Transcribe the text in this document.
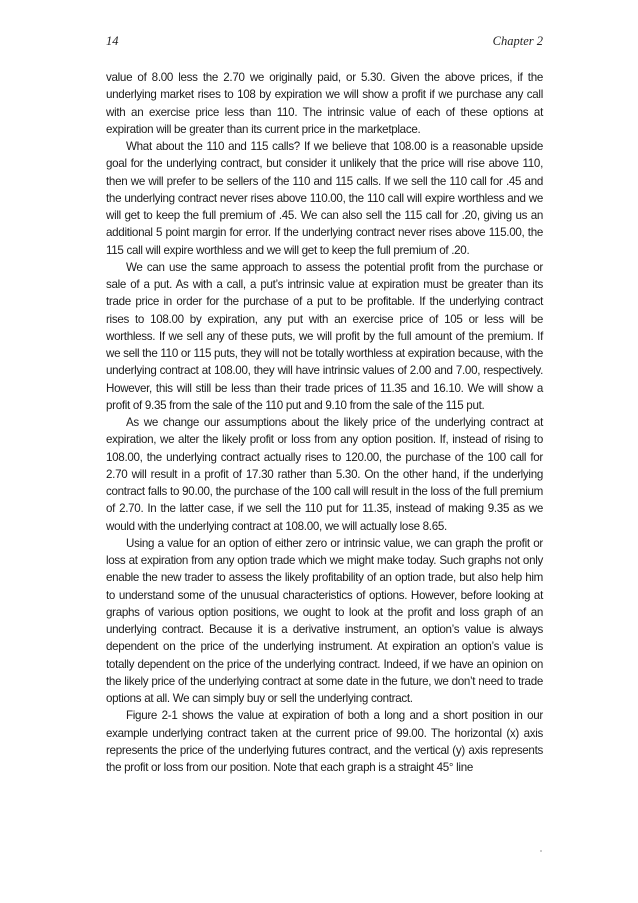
14	Chapter 2

value of 8.00 less the 2.70 we originally paid, or 5.30. Given the above prices, if the underlying market rises to 108 by expiration we will show a profit if we purchase any call with an exercise price less than 110. The intrinsic value of each of these options at expiration will be greater than its current price in the marketplace.

What about the 110 and 115 calls? If we believe that 108.00 is a reasonable upside goal for the underlying contract, but consider it unlikely that the price will rise above 110, then we will prefer to be sellers of the 110 and 115 calls. If we sell the 110 call for .45 and the underlying contract never rises above 110.00, the 110 call will expire worthless and we will get to keep the full premium of .45. We can also sell the 115 call for .20, giving us an additional 5 point margin for error. If the underlying contract never rises above 115.00, the 115 call will expire worthless and we will get to keep the full premium of .20.

We can use the same approach to assess the potential profit from the purchase or sale of a put. As with a call, a put’s intrinsic value at expiration must be greater than its trade price in order for the purchase of a put to be profitable. If the underlying contract rises to 108.00 by expiration, any put with an exercise price of 105 or less will be worthless. If we sell any of these puts, we will profit by the full amount of the premium. If we sell the 110 or 115 puts, they will not be totally worthless at expiration because, with the underlying contract at 108.00, they will have intrinsic values of 2.00 and 7.00, respectively. However, this will still be less than their trade prices of 11.35 and 16.10. We will show a profit of 9.35 from the sale of the 110 put and 9.10 from the sale of the 115 put.

As we change our assumptions about the likely price of the underlying contract at expiration, we alter the likely profit or loss from any option position. If, instead of rising to 108.00, the underlying contract actually rises to 120.00, the purchase of the 100 call for 2.70 will result in a profit of 17.30 rather than 5.30. On the other hand, if the underlying contract falls to 90.00, the purchase of the 100 call will result in the loss of the full premium of 2.70. In the latter case, if we sell the 110 put for 11.35, instead of making 9.35 as we would with the underlying contract at 108.00, we will actually lose 8.65.

Using a value for an option of either zero or intrinsic value, we can graph the profit or loss at expiration from any option trade which we might make today. Such graphs not only enable the new trader to assess the likely profitability of an option trade, but also help him to understand some of the unusual characteristics of options. However, before looking at graphs of various option positions, we ought to look at the profit and loss graph of an underlying contract. Because it is a derivative instrument, an option’s value is always dependent on the price of the underlying instrument. At expiration an option’s value is totally dependent on the price of the underlying contract. Indeed, if we have an opinion on the likely price of the underlying contract at some date in the future, we don’t need to trade options at all. We can simply buy or sell the underlying contract.

Figure 2-1 shows the value at expiration of both a long and a short position in our example underlying contract taken at the current price of 99.00. The horizontal (x) axis represents the price of the underlying futures contract, and the vertical (y) axis represents the profit or loss from our position. Note that each graph is a straight 45° line
